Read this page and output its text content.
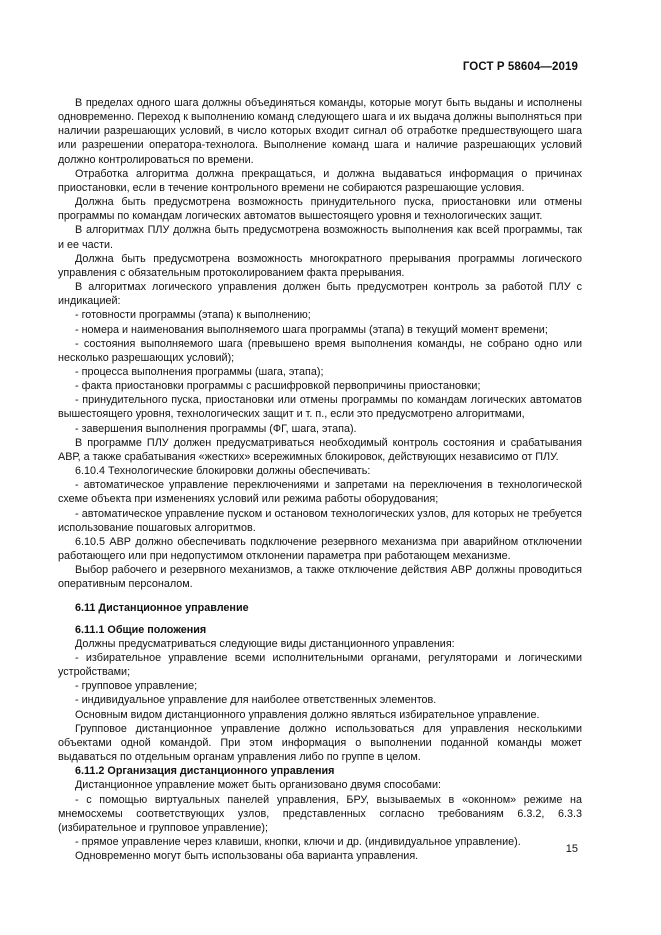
ГОСТ Р 58604—2019

В пределах одного шага должны объединяться команды, которые могут быть выданы и исполнены одновременно. Переход к выполнению команд следующего шага и их выдача должны выполняться при наличии разрешающих условий, в число которых входит сигнал об отработке предшествующего шага или разрешении оператора-технолога. Выполнение команд шага и наличие разрешающих условий должно контролироваться по времени.

Отработка алгоритма должна прекращаться, и должна выдаваться информация о причинах приостановки, если в течение контрольного времени не собираются разрешающие условия.

Должна быть предусмотрена возможность принудительного пуска, приостановки или отмены программы по командам логических автоматов вышестоящего уровня и технологических защит.

В алгоритмах ПЛУ должна быть предусмотрена возможность выполнения как всей программы, так и ее части.

Должна быть предусмотрена возможность многократного прерывания программы логического управления с обязательным протоколированием факта прерывания.

В алгоритмах логического управления должен быть предусмотрен контроль за работой ПЛУ с индикацией:

- готовности программы (этапа) к выполнению;

- номера и наименования выполняемого шага программы (этапа) в текущий момент времени;

- состояния выполняемого шага (превышено время выполнения команды, не собрано одно или несколько разрешающих условий);

- процесса выполнения программы (шага, этапа);

- факта приостановки программы с расшифровкой первопричины приостановки;

- принудительного пуска, приостановки или отмены программы по командам логических автоматов вышестоящего уровня, технологических защит и т. п., если это предусмотрено алгоритмами,

- завершения выполнения программы (ФГ, шага, этапа).

В программе ПЛУ должен предусматриваться необходимый контроль состояния и срабатывания АВР, а также срабатывания «жестких» всережимных блокировок, действующих независимо от ПЛУ.

6.10.4 Технологические блокировки должны обеспечивать:

- автоматическое управление переключениями и запретами на переключения в технологической схеме объекта при изменениях условий или режима работы оборудования;

- автоматическое управление пуском и остановом технологических узлов, для которых не требуется использование пошаговых алгоритмов.

6.10.5 АВР должно обеспечивать подключение резервного механизма при аварийном отключении работающего или при недопустимом отклонении параметра при работающем механизме.

Выбор рабочего и резервного механизмов, а также отключение действия АВР должны проводиться оперативным персоналом.

6.11 Дистанционное управление

6.11.1 Общие положения

Должны предусматриваться следующие виды дистанционного управления:

- избирательное управление всеми исполнительными органами, регуляторами и логическими устройствами;

- групповое управление;

- индивидуальное управление для наиболее ответственных элементов.

Основным видом дистанционного управления должно являться избирательное управление.

Групповое дистанционное управление должно использоваться для управления несколькими объектами одной командой. При этом информация о выполнении поданной команды может выдаваться по отдельным органам управления либо по группе в целом.

6.11.2 Организация дистанционного управления

Дистанционное управление может быть организовано двумя способами:

- с помощью виртуальных панелей управления, БРУ, вызываемых в «оконном» режиме на мнемосхемы соответствующих узлов, представленных согласно требованиям 6.3.2, 6.3.3 (избирательное и групповое управление);

- прямое управление через клавиши, кнопки, ключи и др. (индивидуальное управление).

Одновременно могут быть использованы оба варианта управления.

15
